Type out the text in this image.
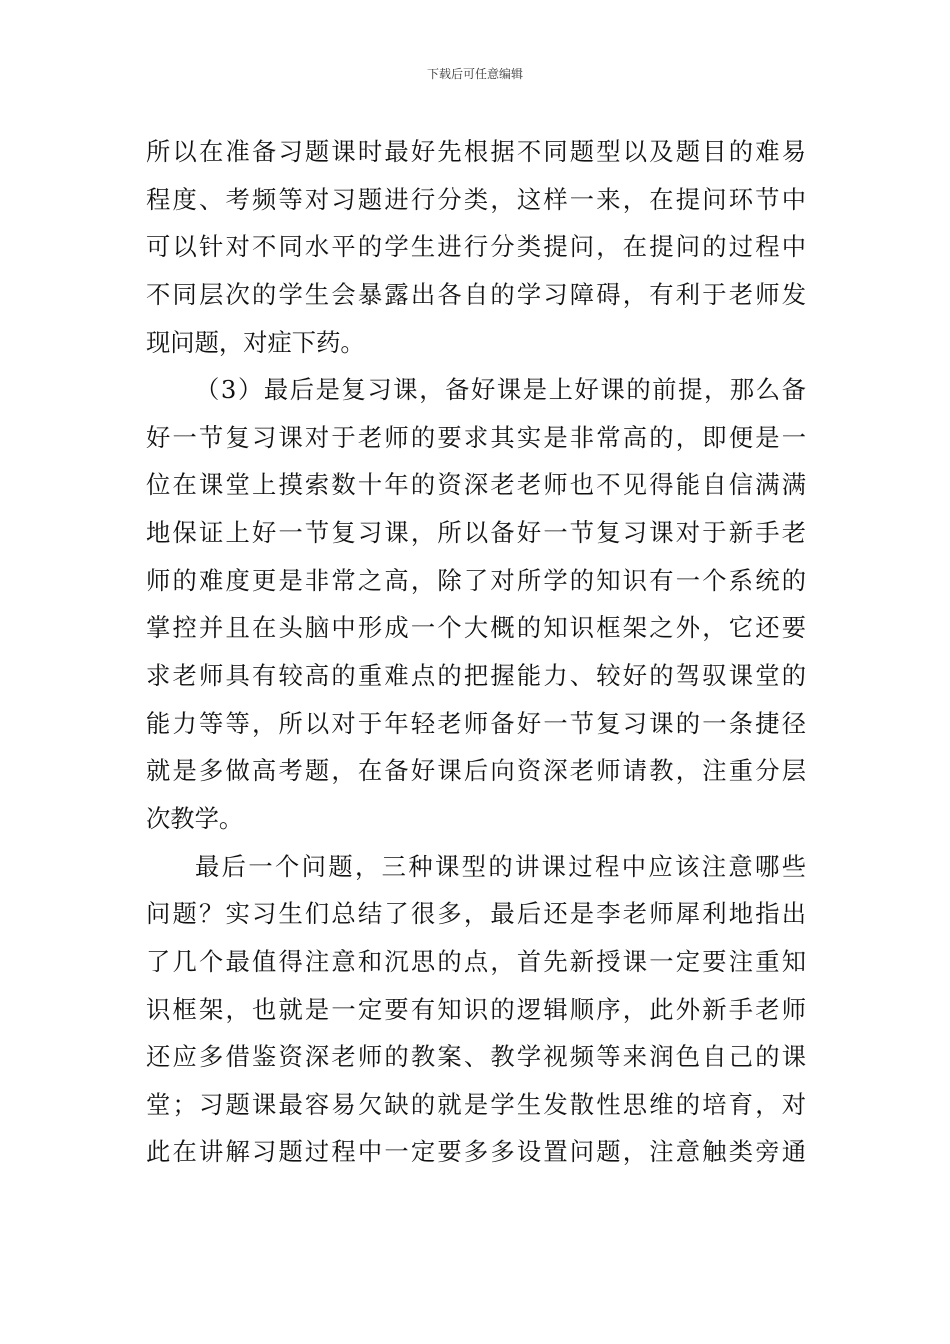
下载后可任意编辑
所以在准备习题课时最好先根据不同题型以及题目的难易
程度、考频等对习题进行分类，这样一来，在提问环节中
可以针对不同水平的学生进行分类提问，在提问的过程中
不同层次的学生会暴露出各自的学习障碍，有利于老师发
现问题，对症下药。
（3）最后是复习课，备好课是上好课的前提，那么备
好一节复习课对于老师的要求其实是非常高的，即便是一
位在课堂上摸索数十年的资深老老师也不见得能自信满满
地保证上好一节复习课，所以备好一节复习课对于新手老
师的难度更是非常之高，除了对所学的知识有一个系统的
掌控并且在头脑中形成一个大概的知识框架之外，它还要
求老师具有较高的重难点的把握能力、较好的驾驭课堂的
能力等等，所以对于年轻老师备好一节复习课的一条捷径
就是多做高考题，在备好课后向资深老师请教，注重分层
次教学。
最后一个问题，三种课型的讲课过程中应该注意哪些
问题？实习生们总结了很多，最后还是李老师犀利地指出
了几个最值得注意和沉思的点，首先新授课一定要注重知
识框架，也就是一定要有知识的逻辑顺序，此外新手老师
还应多借鉴资深老师的教案、教学视频等来润色自己的课
堂；习题课最容易欠缺的就是学生发散性思维的培育，对
此在讲解习题过程中一定要多多设置问题，注意触类旁通
